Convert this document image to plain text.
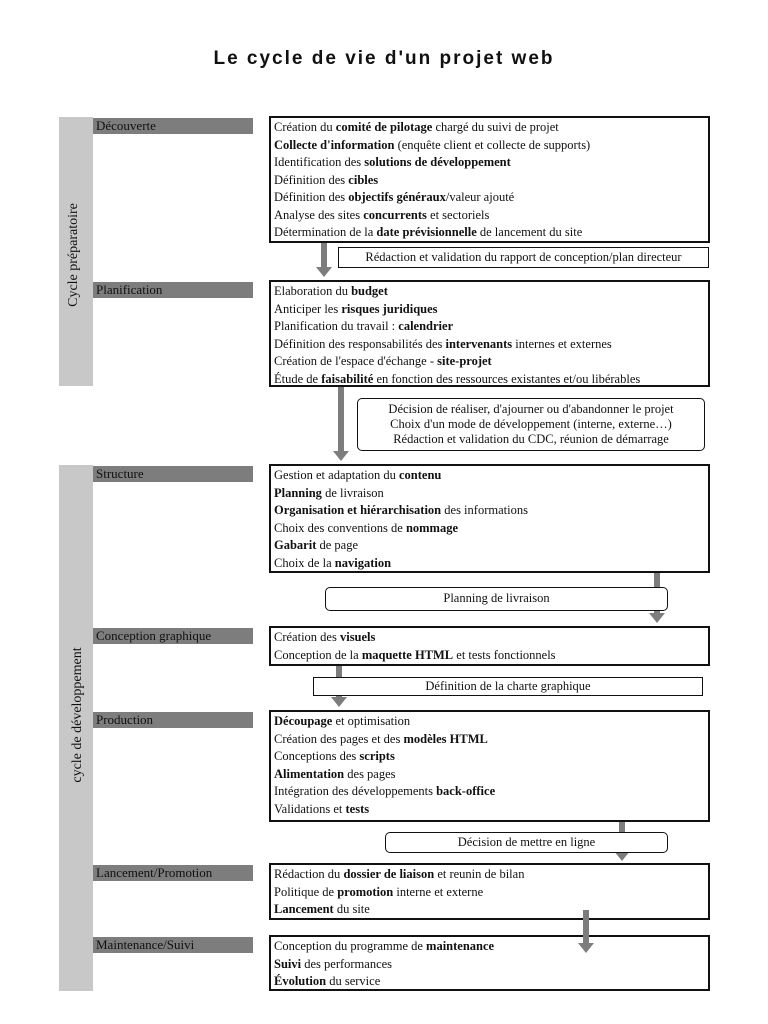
Le cycle de vie d'un projet web
Cycle préparatoire
cycle de développement
Découverte
Planification
Structure
Conception graphique
Production
Lancement/Promotion
Maintenance/Suivi
Création du comité de pilotage chargé du suivi de projet
Collecte d'information (enquête client et collecte de supports)
Identification des solutions de développement
Définition des cibles
Définition des objectifs généraux/valeur ajouté
Analyse des sites concurrents et sectoriels
Détermination de la date prévisionnelle de lancement du site
Elaboration du budget
Anticiper les risques juridiques
Planification du travail : calendrier
Définition des responsabilités des intervenants internes et externes
Création de l'espace d'échange - site-projet
Étude de faisabilité en fonction des ressources existantes et/ou libérables
Gestion et adaptation du contenu
Planning de livraison
Organisation et hiérarchisation des informations
Choix des conventions de nommage
Gabarit de page
Choix de la navigation
Création des visuels
Conception de la maquette HTML et tests fonctionnels
Découpage et optimisation
Création des pages et des modèles HTML
Conceptions des scripts
Alimentation des pages
Intégration des développements back-office
Validations et tests
Rédaction du dossier de liaison et reunin de bilan
Politique de promotion interne et externe
Lancement du site
Conception du programme de maintenance
Suivi des performances
Évolution du service
Rédaction et validation du rapport de conception/plan directeur
Décision de réaliser, d'ajourner ou d'abandonner le projet
Choix d'un mode de développement (interne, externe…)
Rédaction et validation du CDC, réunion de démarrage
Planning de livraison
Définition de la charte graphique
Décision de mettre en ligne
